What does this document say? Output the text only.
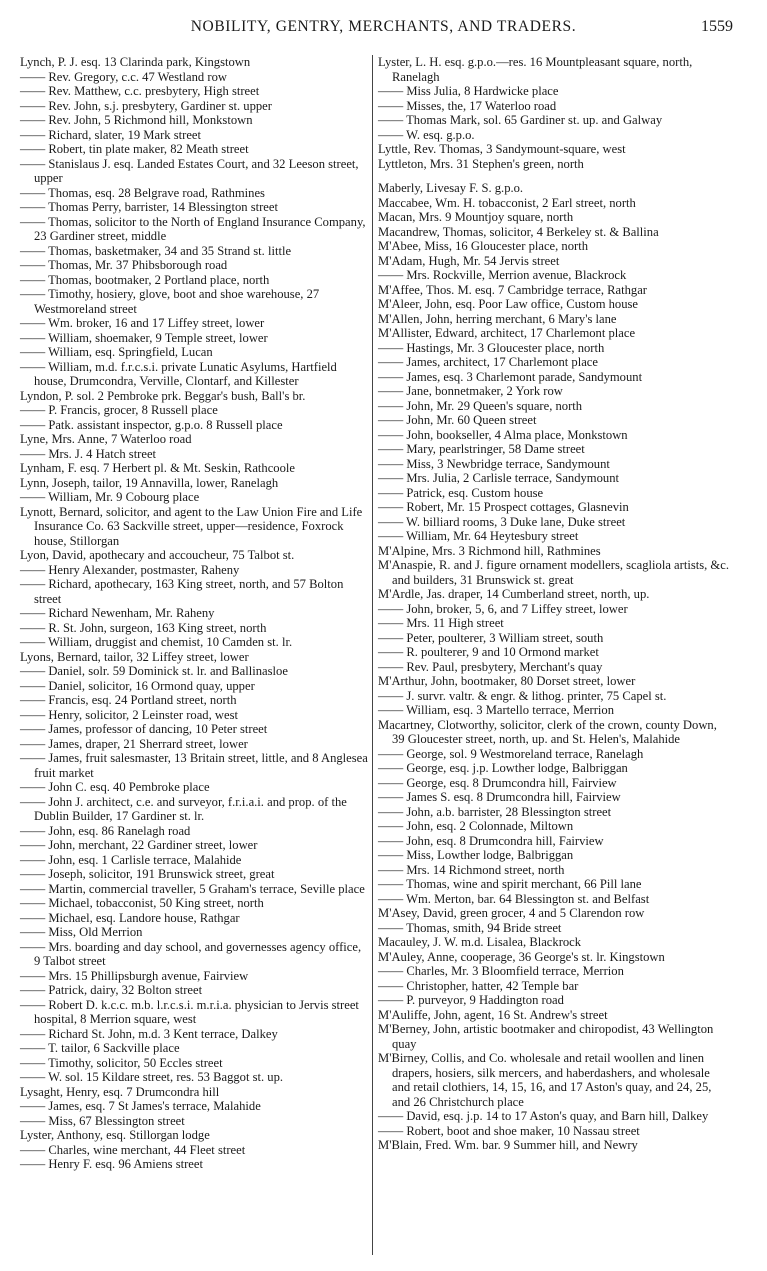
NOBILITY, GENTRY, MERCHANTS, AND TRADERS.	1559
Lynch, P. J. esq. 13 Clarinda park, Kingstown
—— Rev. Gregory, c.c. 47 Westland row
—— Rev. Matthew, c.c. presbytery, High street
—— Rev. John, s.j. presbytery, Gardiner st. upper
—— Rev. John, 5 Richmond hill, Monkstown
—— Richard, slater, 19 Mark street
—— Robert, tin plate maker, 82 Meath street
—— Stanislaus J. esq. Landed Estates Court, and 32 Leeson street, upper
—— Thomas, esq. 28 Belgrave road, Rathmines
—— Thomas Perry, barrister, 14 Blessington street
—— Thomas, solicitor to the North of England Insurance Company, 23 Gardiner street, middle
—— Thomas, basketmaker, 34 and 35 Strand st. little
—— Thomas, Mr. 37 Phibsborough road
—— Thomas, bootmaker, 2 Portland place, north
—— Timothy, hosiery, glove, boot and shoe warehouse, 27 Westmoreland street
—— Wm. broker, 16 and 17 Liffey street, lower
—— William, shoemaker, 9 Temple street, lower
—— William, esq. Springfield, Lucan
—— William, m.d. f.r.c.s.i. private Lunatic Asylums, Hartfield house, Drumcondra, Verville, Clontarf, and Killester
Lyndon, P. sol. 2 Pembroke prk. Beggar's bush, Ball's br.
—— P. Francis, grocer, 8 Russell place
—— Patk. assistant inspector, g.p.o. 8 Russell place
Lyne, Mrs. Anne, 7 Waterloo road
—— Mrs. J. 4 Hatch street
Lynham, F. esq. 7 Herbert pl. & Mt. Seskin, Rathcoole
Lynn, Joseph, tailor, 19 Annavilla, lower, Ranelagh
—— William, Mr. 9 Cobourg place
Lynott, Bernard, solicitor, and agent to the Law Union Fire and Life Insurance Co. 63 Sackville street, upper—residence, Foxrock house, Stillorgan
Lyon, David, apothecary and accoucheur, 75 Talbot st.
—— Henry Alexander, postmaster, Raheny
—— Richard, apothecary, 163 King street, north, and 57 Bolton street
—— Richard Newenham, Mr. Raheny
—— R. St. John, surgeon, 163 King street, north
—— William, druggist and chemist, 10 Camden st. lr.
Lyons, Bernard, tailor, 32 Liffey street, lower
—— Daniel, solr. 59 Dominick st. lr. and Ballinasloe
—— Daniel, solicitor, 16 Ormond quay, upper
—— Francis, esq. 24 Portland street, north
—— Henry, solicitor, 2 Leinster road, west
—— James, professor of dancing, 10 Peter street
—— James, draper, 21 Sherrard street, lower
—— James, fruit salesmaster, 13 Britain street, little, and 8 Anglesea fruit market
—— John C. esq. 40 Pembroke place
—— John J. architect, c.e. and surveyor, f.r.i.a.i. and prop. of the Dublin Builder, 17 Gardiner st. lr.
—— John, esq. 86 Ranelagh road
—— John, merchant, 22 Gardiner street, lower
—— John, esq. 1 Carlisle terrace, Malahide
—— Joseph, solicitor, 191 Brunswick street, great
—— Martin, commercial traveller, 5 Graham's terrace, Seville place
—— Michael, tobacconist, 50 King street, north
—— Michael, esq. Landore house, Rathgar
—— Miss, Old Merrion
—— Mrs. boarding and day school, and governesses agency office, 9 Talbot street
—— Mrs. 15 Phillipsburgh avenue, Fairview
—— Patrick, dairy, 32 Bolton street
—— Robert D. k.c.c. m.b. l.r.c.s.i. m.r.i.a. physician to Jervis street hospital, 8 Merrion square, west
—— Richard St. John, m.d. 3 Kent terrace, Dalkey
—— T. tailor, 6 Sackville place
—— Timothy, solicitor, 50 Eccles street
—— W. sol. 15 Kildare street, res. 53 Baggot st. up.
Lysaght, Henry, esq. 7 Drumcondra hill
—— James, esq. 7 St James's terrace, Malahide
—— Miss, 67 Blessington street
Lyster, Anthony, esq. Stillorgan lodge
—— Charles, wine merchant, 44 Fleet street
—— Henry F. esq. 96 Amiens street
Lyster, L. H. esq. g.p.o.—res. 16 Mountpleasant square, north, Ranelagh
—— Miss Julia, 8 Hardwicke place
—— Misses, the, 17 Waterloo road
—— Thomas Mark, sol. 65 Gardiner st. up. and Galway
—— W. esq. g.p.o.
Lyttle, Rev. Thomas, 3 Sandymount-square, west
Lyttleton, Mrs. 31 Stephen's green, north
Maberly, Livesay F. S. g.p.o.
Maccabee, Wm. H. tobacconist, 2 Earl street, north
Macan, Mrs. 9 Mountjoy square, north
Macandrew, Thomas, solicitor, 4 Berkeley st. & Ballina
M'Abee, Miss, 16 Gloucester place, north
M'Adam, Hugh, Mr. 54 Jervis street
—— Mrs. Rockville, Merrion avenue, Blackrock
M'Affee, Thos. M. esq. 7 Cambridge terrace, Rathgar
M'Aleer, John, esq. Poor Law office, Custom house
M'Allen, John, herring merchant, 6 Mary's lane
M'Allister, Edward, architect, 17 Charlemont place
—— Hastings, Mr. 3 Gloucester place, north
—— James, architect, 17 Charlemont place
—— James, esq. 3 Charlemont parade, Sandymount
—— Jane, bonnetmaker, 2 York row
—— John, Mr. 29 Queen's square, north
—— John, Mr. 60 Queen street
—— John, bookseller, 4 Alma place, Monkstown
—— Mary, pearlstringer, 58 Dame street
—— Miss, 3 Newbridge terrace, Sandymount
—— Mrs. Julia, 2 Carlisle terrace, Sandymount
—— Patrick, esq. Custom house
—— Robert, Mr. 15 Prospect cottages, Glasnevin
—— W. billiard rooms, 3 Duke lane, Duke street
—— William, Mr. 64 Heytesbury street
M'Alpine, Mrs. 3 Richmond hill, Rathmines
M'Anaspie, R. and J. figure ornament modellers, scagliola artists, &c. and builders, 31 Brunswick st. great
M'Ardle, Jas. draper, 14 Cumberland street, north, up.
—— John, broker, 5, 6, and 7 Liffey street, lower
—— Mrs. 11 High street
—— Peter, poulterer, 3 William street, south
—— R. poulterer, 9 and 10 Ormond market
—— Rev. Paul, presbytery, Merchant's quay
M'Arthur, John, bootmaker, 80 Dorset street, lower
—— J. survr. valtr. & engr. & lithog. printer, 75 Capel st.
—— William, esq. 3 Martello terrace, Merrion
Macartney, Clotworthy, solicitor, clerk of the crown, county Down, 39 Gloucester street, north, up. and St. Helen's, Malahide
—— George, sol. 9 Westmoreland terrace, Ranelagh
—— George, esq. j.p. Lowther lodge, Balbriggan
—— George, esq. 8 Drumcondra hill, Fairview
—— James S. esq. 8 Drumcondra hill, Fairview
—— John, a.b. barrister, 28 Blessington street
—— John, esq. 2 Colonnade, Miltown
—— John, esq. 8 Drumcondra hill, Fairview
—— Miss, Lowther lodge, Balbriggan
—— Mrs. 14 Richmond street, north
—— Thomas, wine and spirit merchant, 66 Pill lane
—— Wm. Merton, bar. 64 Blessington st. and Belfast
M'Asey, David, green grocer, 4 and 5 Clarendon row
—— Thomas, smith, 94 Bride street
Macauley, J. W. m.d. Lisalea, Blackrock
M'Auley, Anne, cooperage, 36 George's st. lr. Kingstown
—— Charles, Mr. 3 Bloomfield terrace, Merrion
—— Christopher, hatter, 42 Temple bar
—— P. purveyor, 9 Haddington road
M'Auliffe, John, agent, 16 St. Andrew's street
M'Berney, John, artistic bootmaker and chiropodist, 43 Wellington quay
M'Birney, Collis, and Co. wholesale and retail woollen and linen drapers, hosiers, silk mercers, and haberdashers, and wholesale and retail clothiers, 14, 15, 16, and 17 Aston's quay, and 24, 25, and 26 Christchurch place
—— David, esq. j.p. 14 to 17 Aston's quay, and Barn hill, Dalkey
—— Robert, boot and shoe maker, 10 Nassau street
M'Blain, Fred. Wm. bar. 9 Summer hill, and Newry
